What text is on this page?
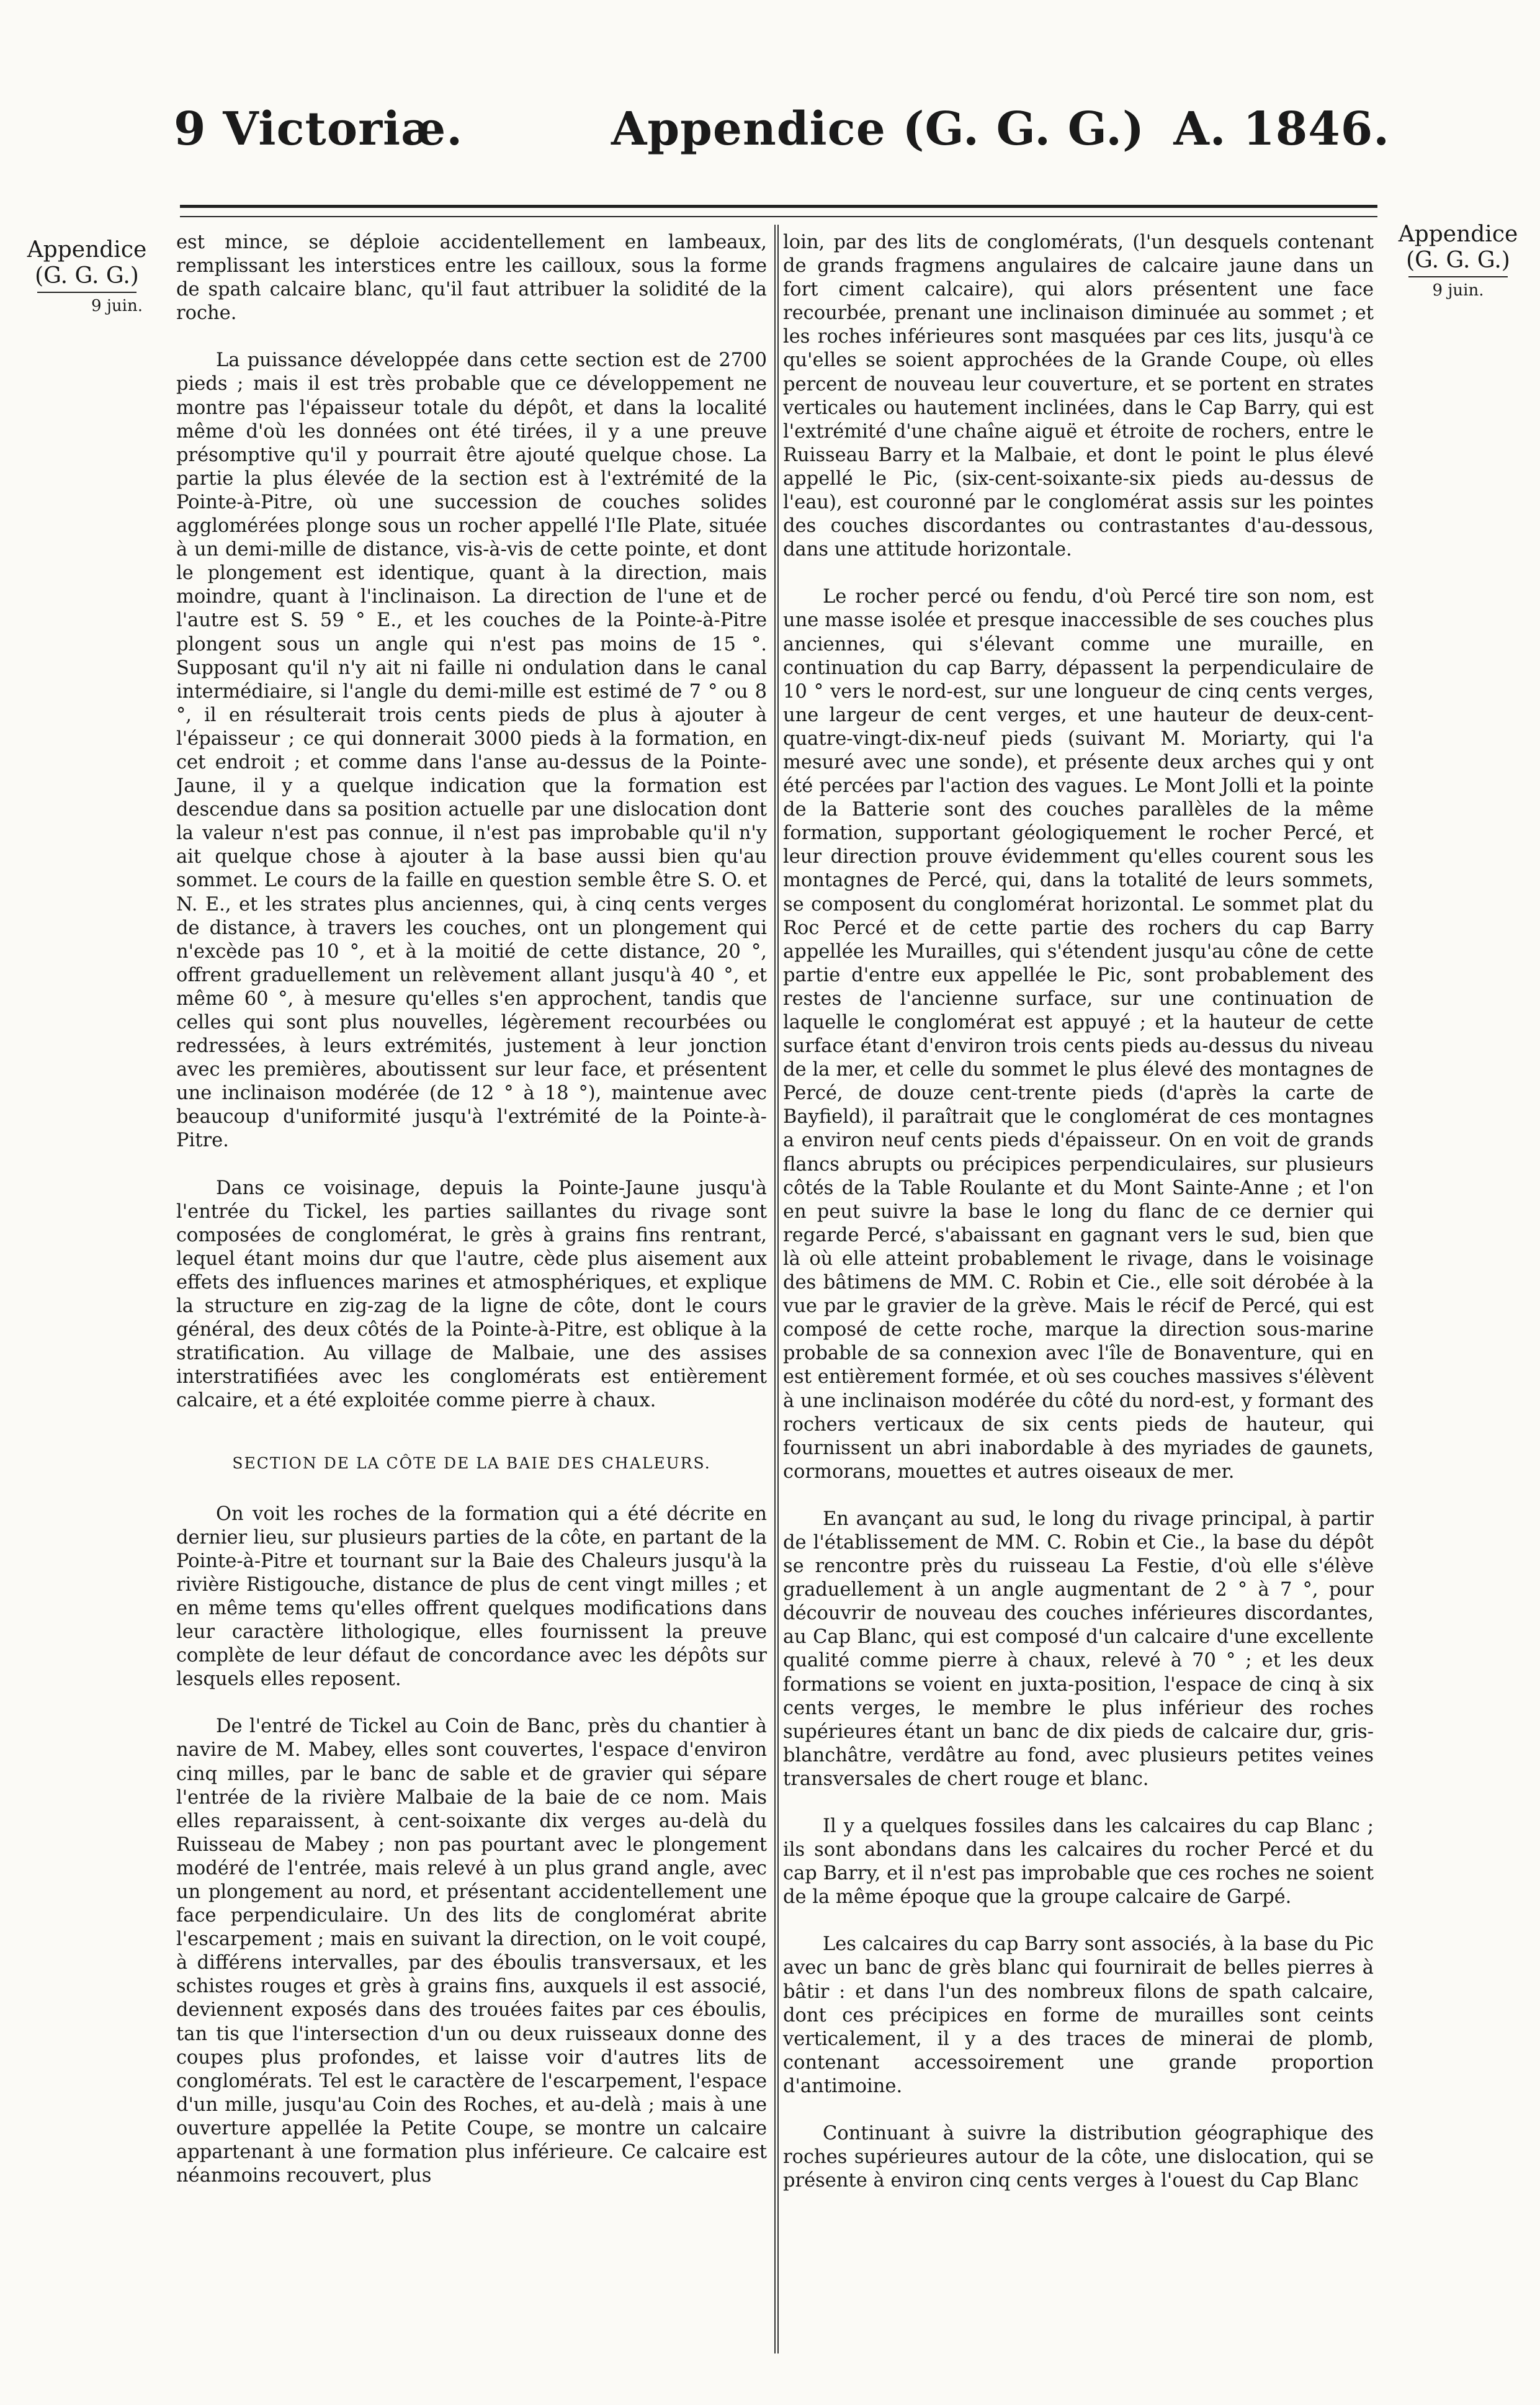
9 Victoriæ.	Appendice (G. G. G.) A. 1846.
Appendice
(G. G. G.)
9 juin.
Appendice
(G. G. G.)
9 juin.

est mince, se déploie accidentellement en lambeaux, remplissant les interstices entre les cailloux, sous la forme de spath calcaire blanc, qu'il faut attribuer la solidité de la roche.

La puissance développée dans cette section est de 2700 pieds ; mais il est très probable que ce développement ne montre pas l'épaisseur totale du dépôt, et dans la localité même d'où les données ont été tirées, il y a une preuve présomptive qu'il y pourrait être ajouté quelque chose. La partie la plus élevée de la section est à l'extrémité de la Pointe-à-Pitre, où une succession de couches solides agglomérées plonge sous un rocher appellé l'Ile Plate, située à un demi-mille de distance, vis-à-vis de cette pointe, et dont le plongement est identique, quant à la direction, mais moindre, quant à l'inclinaison. La direction de l'une et de l'autre est S. 59 ° E., et les couches de la Pointe-à-Pitre plongent sous un angle qui n'est pas moins de 15 °. Supposant qu'il n'y ait ni faille ni ondulation dans le canal intermédiaire, si l'angle du demi-mille est estimé de 7 ° ou 8 °, il en résulterait trois cents pieds de plus à ajouter à l'épaisseur ; ce qui donnerait 3000 pieds à la formation, en cet endroit ; et comme dans l'anse au-dessus de la Pointe-Jaune, il y a quelque indication que la formation est descendue dans sa position actuelle par une dislocation dont la valeur n'est pas connue, il n'est pas improbable qu'il n'y ait quelque chose à ajouter à la base aussi bien qu'au sommet. Le cours de la faille en question semble être S. O. et N. E., et les strates plus anciennes, qui, à cinq cents verges de distance, à travers les couches, ont un plongement qui n'excède pas 10 °, et à la moitié de cette distance, 20 °, offrent graduellement un relèvement allant jusqu'à 40 °, et même 60 °, à mesure qu'elles s'en approchent, tandis que celles qui sont plus nouvelles, légèrement recourbées ou redressées, à leurs extrémités, justement à leur jonction avec les premières, aboutissent sur leur face, et présentent une inclinaison modérée (de 12 ° à 18 °), maintenue avec beaucoup d'uniformité jusqu'à l'extrémité de la Pointe-à-Pitre.

Dans ce voisinage, depuis la Pointe-Jaune jusqu'à l'entrée du Tickel, les parties saillantes du rivage sont composées de conglomérat, le grès à grains fins rentrant, lequel étant moins dur que l'autre, cède plus aisement aux effets des influences marines et atmosphériques, et explique la structure en zig-zag de la ligne de côte, dont le cours général, des deux côtés de la Pointe-à-Pitre, est oblique à la stratification. Au village de Malbaie, une des assises interstratifiées avec les conglomérats est entièrement calcaire, et a été exploitée comme pierre à chaux.

SECTION DE LA CÔTE DE LA BAIE DES CHALEURS.

On voit les roches de la formation qui a été décrite en dernier lieu, sur plusieurs parties de la côte, en partant de la Pointe-à-Pitre et tournant sur la Baie des Chaleurs jusqu'à la rivière Ristigouche, distance de plus de cent vingt milles ; et en même tems qu'elles offrent quelques modifications dans leur caractère lithologique, elles fournissent la preuve complète de leur défaut de concordance avec les dépôts sur lesquels elles reposent.

De l'entré de Tickel au Coin de Banc, près du chantier à navire de M. Mabey, elles sont couvertes, l'espace d'environ cinq milles, par le banc de sable et de gravier qui sépare l'entrée de la rivière Malbaie de la baie de ce nom. Mais elles reparaissent, à cent-soixante dix verges au-delà du Ruisseau de Mabey ; non pas pourtant avec le plongement modéré de l'entrée, mais relevé à un plus grand angle, avec un plongement au nord, et présentant accidentellement une face perpendiculaire. Un des lits de conglomérat abrite l'escarpement ; mais en suivant la direction, on le voit coupé, à différens intervalles, par des éboulis transversaux, et les schistes rouges et grès à grains fins, auxquels il est associé, deviennent exposés dans des trouées faites par ces éboulis, tan tis que l'intersection d'un ou deux ruisseaux donne des coupes plus profondes, et laisse voir d'autres lits de conglomérats. Tel est le caractère de l'escarpement, l'espace d'un mille, jusqu'au Coin des Roches, et au-delà ; mais à une ouverture appellée la Petite Coupe, se montre un calcaire appartenant à une formation plus inférieure. Ce calcaire est néanmoins recouvert, plus

loin, par des lits de conglomérats, (l'un desquels contenant de grands fragmens angulaires de calcaire jaune dans un fort ciment calcaire), qui alors présentent une face recourbée, prenant une inclinaison diminuée au sommet ; et les roches inférieures sont masquées par ces lits, jusqu'à ce qu'elles se soient approchées de la Grande Coupe, où elles percent de nouveau leur couverture, et se portent en strates verticales ou hautement inclinées, dans le Cap Barry, qui est l'extrémité d'une chaîne aiguë et étroite de rochers, entre le Ruisseau Barry et la Malbaie, et dont le point le plus élevé appellé le Pic, (six-cent-soixante-six pieds au-dessus de l'eau), est couronné par le conglomérat assis sur les pointes des couches discordantes ou contrastantes d'au-dessous, dans une attitude horizontale.

Le rocher percé ou fendu, d'où Percé tire son nom, est une masse isolée et presque inaccessible de ses couches plus anciennes, qui s'élevant comme une muraille, en continuation du cap Barry, dépassent la perpendiculaire de 10 ° vers le nord-est, sur une longueur de cinq cents verges, une largeur de cent verges, et une hauteur de deux-cent-quatre-vingt-dix-neuf pieds (suivant M. Moriarty, qui l'a mesuré avec une sonde), et présente deux arches qui y ont été percées par l'action des vagues. Le Mont Jolli et la pointe de la Batterie sont des couches parallèles de la même formation, supportant géologiquement le rocher Percé, et leur direction prouve évidemment qu'elles courent sous les montagnes de Percé, qui, dans la totalité de leurs sommets, se composent du conglomérat horizontal. Le sommet plat du Roc Percé et de cette partie des rochers du cap Barry appellée les Murailles, qui s'étendent jusqu'au cône de cette partie d'entre eux appellée le Pic, sont probablement des restes de l'ancienne surface, sur une continuation de laquelle le conglomérat est appuyé ; et la hauteur de cette surface étant d'environ trois cents pieds au-dessus du niveau de la mer, et celle du sommet le plus élevé des montagnes de Percé, de douze cent-trente pieds (d'après la carte de Bayfield), il paraîtrait que le conglomérat de ces montagnes a environ neuf cents pieds d'épaisseur. On en voit de grands flancs abrupts ou précipices perpendiculaires, sur plusieurs côtés de la Table Roulante et du Mont Sainte-Anne ; et l'on en peut suivre la base le long du flanc de ce dernier qui regarde Percé, s'abaissant en gagnant vers le sud, bien que là où elle atteint probablement le rivage, dans le voisinage des bâtimens de MM. C. Robin et Cie., elle soit dérobée à la vue par le gravier de la grève. Mais le récif de Percé, qui est composé de cette roche, marque la direction sous-marine probable de sa connexion avec l'île de Bonaventure, qui en est entièrement formée, et où ses couches massives s'élèvent à une inclinaison modérée du côté du nord-est, y formant des rochers verticaux de six cents pieds de hauteur, qui fournissent un abri inabordable à des myriades de gaunets, cormorans, mouettes et autres oiseaux de mer.

En avançant au sud, le long du rivage principal, à partir de l'établissement de MM. C. Robin et Cie., la base du dépôt se rencontre près du ruisseau La Festie, d'où elle s'élève graduellement à un angle augmentant de 2 ° à 7 °, pour découvrir de nouveau des couches inférieures discordantes, au Cap Blanc, qui est composé d'un calcaire d'une excellente qualité comme pierre à chaux, relevé à 70 ° ; et les deux formations se voient en juxta-position, l'espace de cinq à six cents verges, le membre le plus inférieur des roches supérieures étant un banc de dix pieds de calcaire dur, gris-blanchâtre, verdâtre au fond, avec plusieurs petites veines transversales de chert rouge et blanc.

Il y a quelques fossiles dans les calcaires du cap Blanc ; ils sont abondans dans les calcaires du rocher Percé et du cap Barry, et il n'est pas improbable que ces roches ne soient de la même époque que la groupe calcaire de Garpé.

Les calcaires du cap Barry sont associés, à la base du Pic avec un banc de grès blanc qui fournirait de belles pierres à bâtir : et dans l'un des nombreux filons de spath calcaire, dont ces précipices en forme de murailles sont ceints verticalement, il y a des traces de minerai de plomb, contenant accessoirement une grande proportion d'antimoine.

Continuant à suivre la distribution géographique des roches supérieures autour de la côte, une dislocation, qui se présente à environ cinq cents verges à l'ouest du Cap Blanc
